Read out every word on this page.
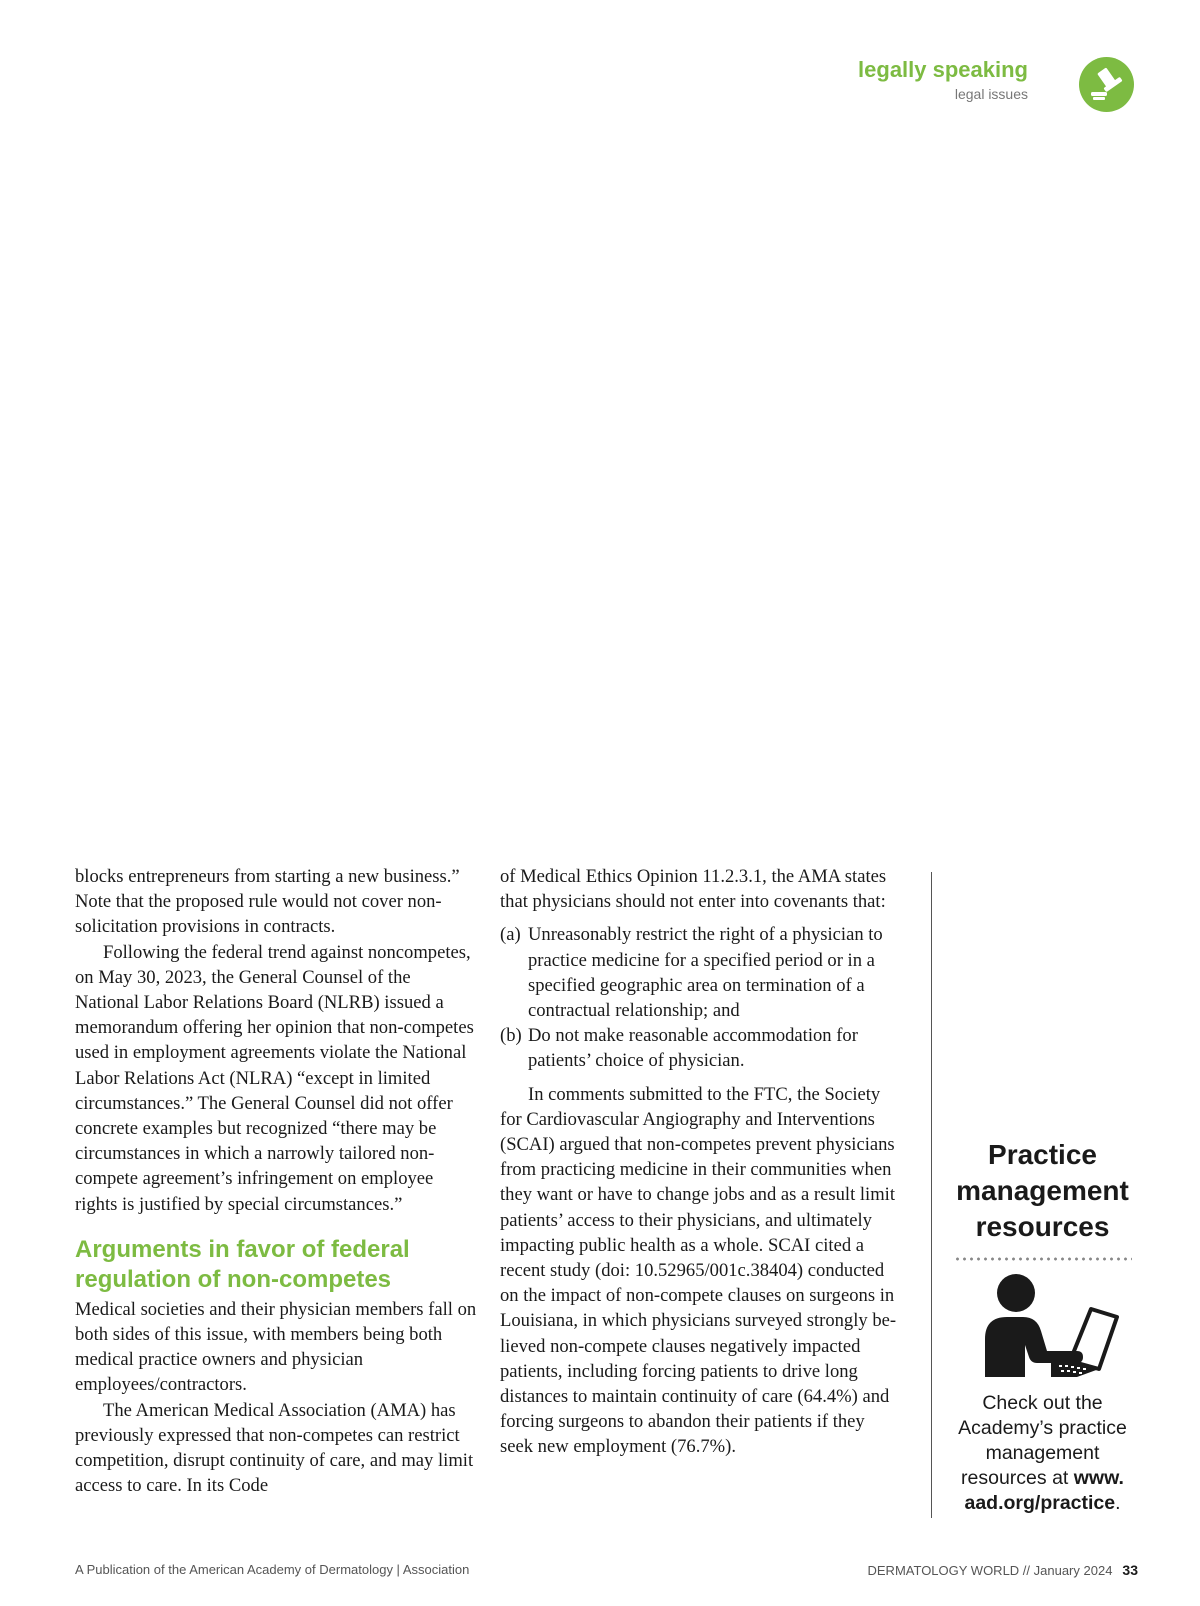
legally speaking
legal issues

blocks entrepreneurs from starting a new business.” Note that the proposed rule would not cover non-solicitation provisions in contracts.

Following the federal trend against noncompetes, on May 30, 2023, the General Counsel of the National Labor Relations Board (NLRB) issued a memorandum offering her opinion that non-competes used in employment agreements violate the National Labor Relations Act (NLRA) “except in limited circumstances.” The General Counsel did not offer concrete examples but recognized “there may be circumstances in which a narrowly tailored noncompete agreement’s infringement on employee rights is justified by special circumstances.”

Arguments in favor of federal regulation of non-competes

Medical societies and their physician members fall on both sides of this issue, with members being both medical practice owners and physician employees/contractors.

The American Medical Association (AMA) has previously expressed that non-competes can restrict competition, disrupt continuity of care, and may limit access to care. In its Code

of Medical Ethics Opinion 11.2.3.1, the AMA states that physicians should not enter into covenants that:

(a) Unreasonably restrict the right of a physician to practice medicine for a specified period or in a specified geographic area on termination of a contractual relationship; and
(b) Do not make reasonable accommodation for patients’ choice of physician.

In comments submitted to the FTC, the Society for Cardiovascular Angiography and Interventions (SCAI) argued that non-competes prevent physicians from practicing medicine in their communities when they want or have to change jobs and as a result limit patients’ access to their physicians, and ultimately impacting public health as a whole. SCAI cited a recent study (doi: 10.52965/001c.38404) conducted on the impact of non-compete clauses on surgeons in Louisiana, in which physicians surveyed strongly believed non-compete clauses negatively impacted patients, including forcing patients to drive long distances to maintain continuity of care (64.4%) and forcing surgeons to abandon their patients if they seek new employment (76.7%).

Practice management resources
Check out the Academy’s practice management resources at www. aad.org/practice.
A Publication of the American Academy of Dermatology | Association	DERMATOLOGY WORLD // January 2024 33
